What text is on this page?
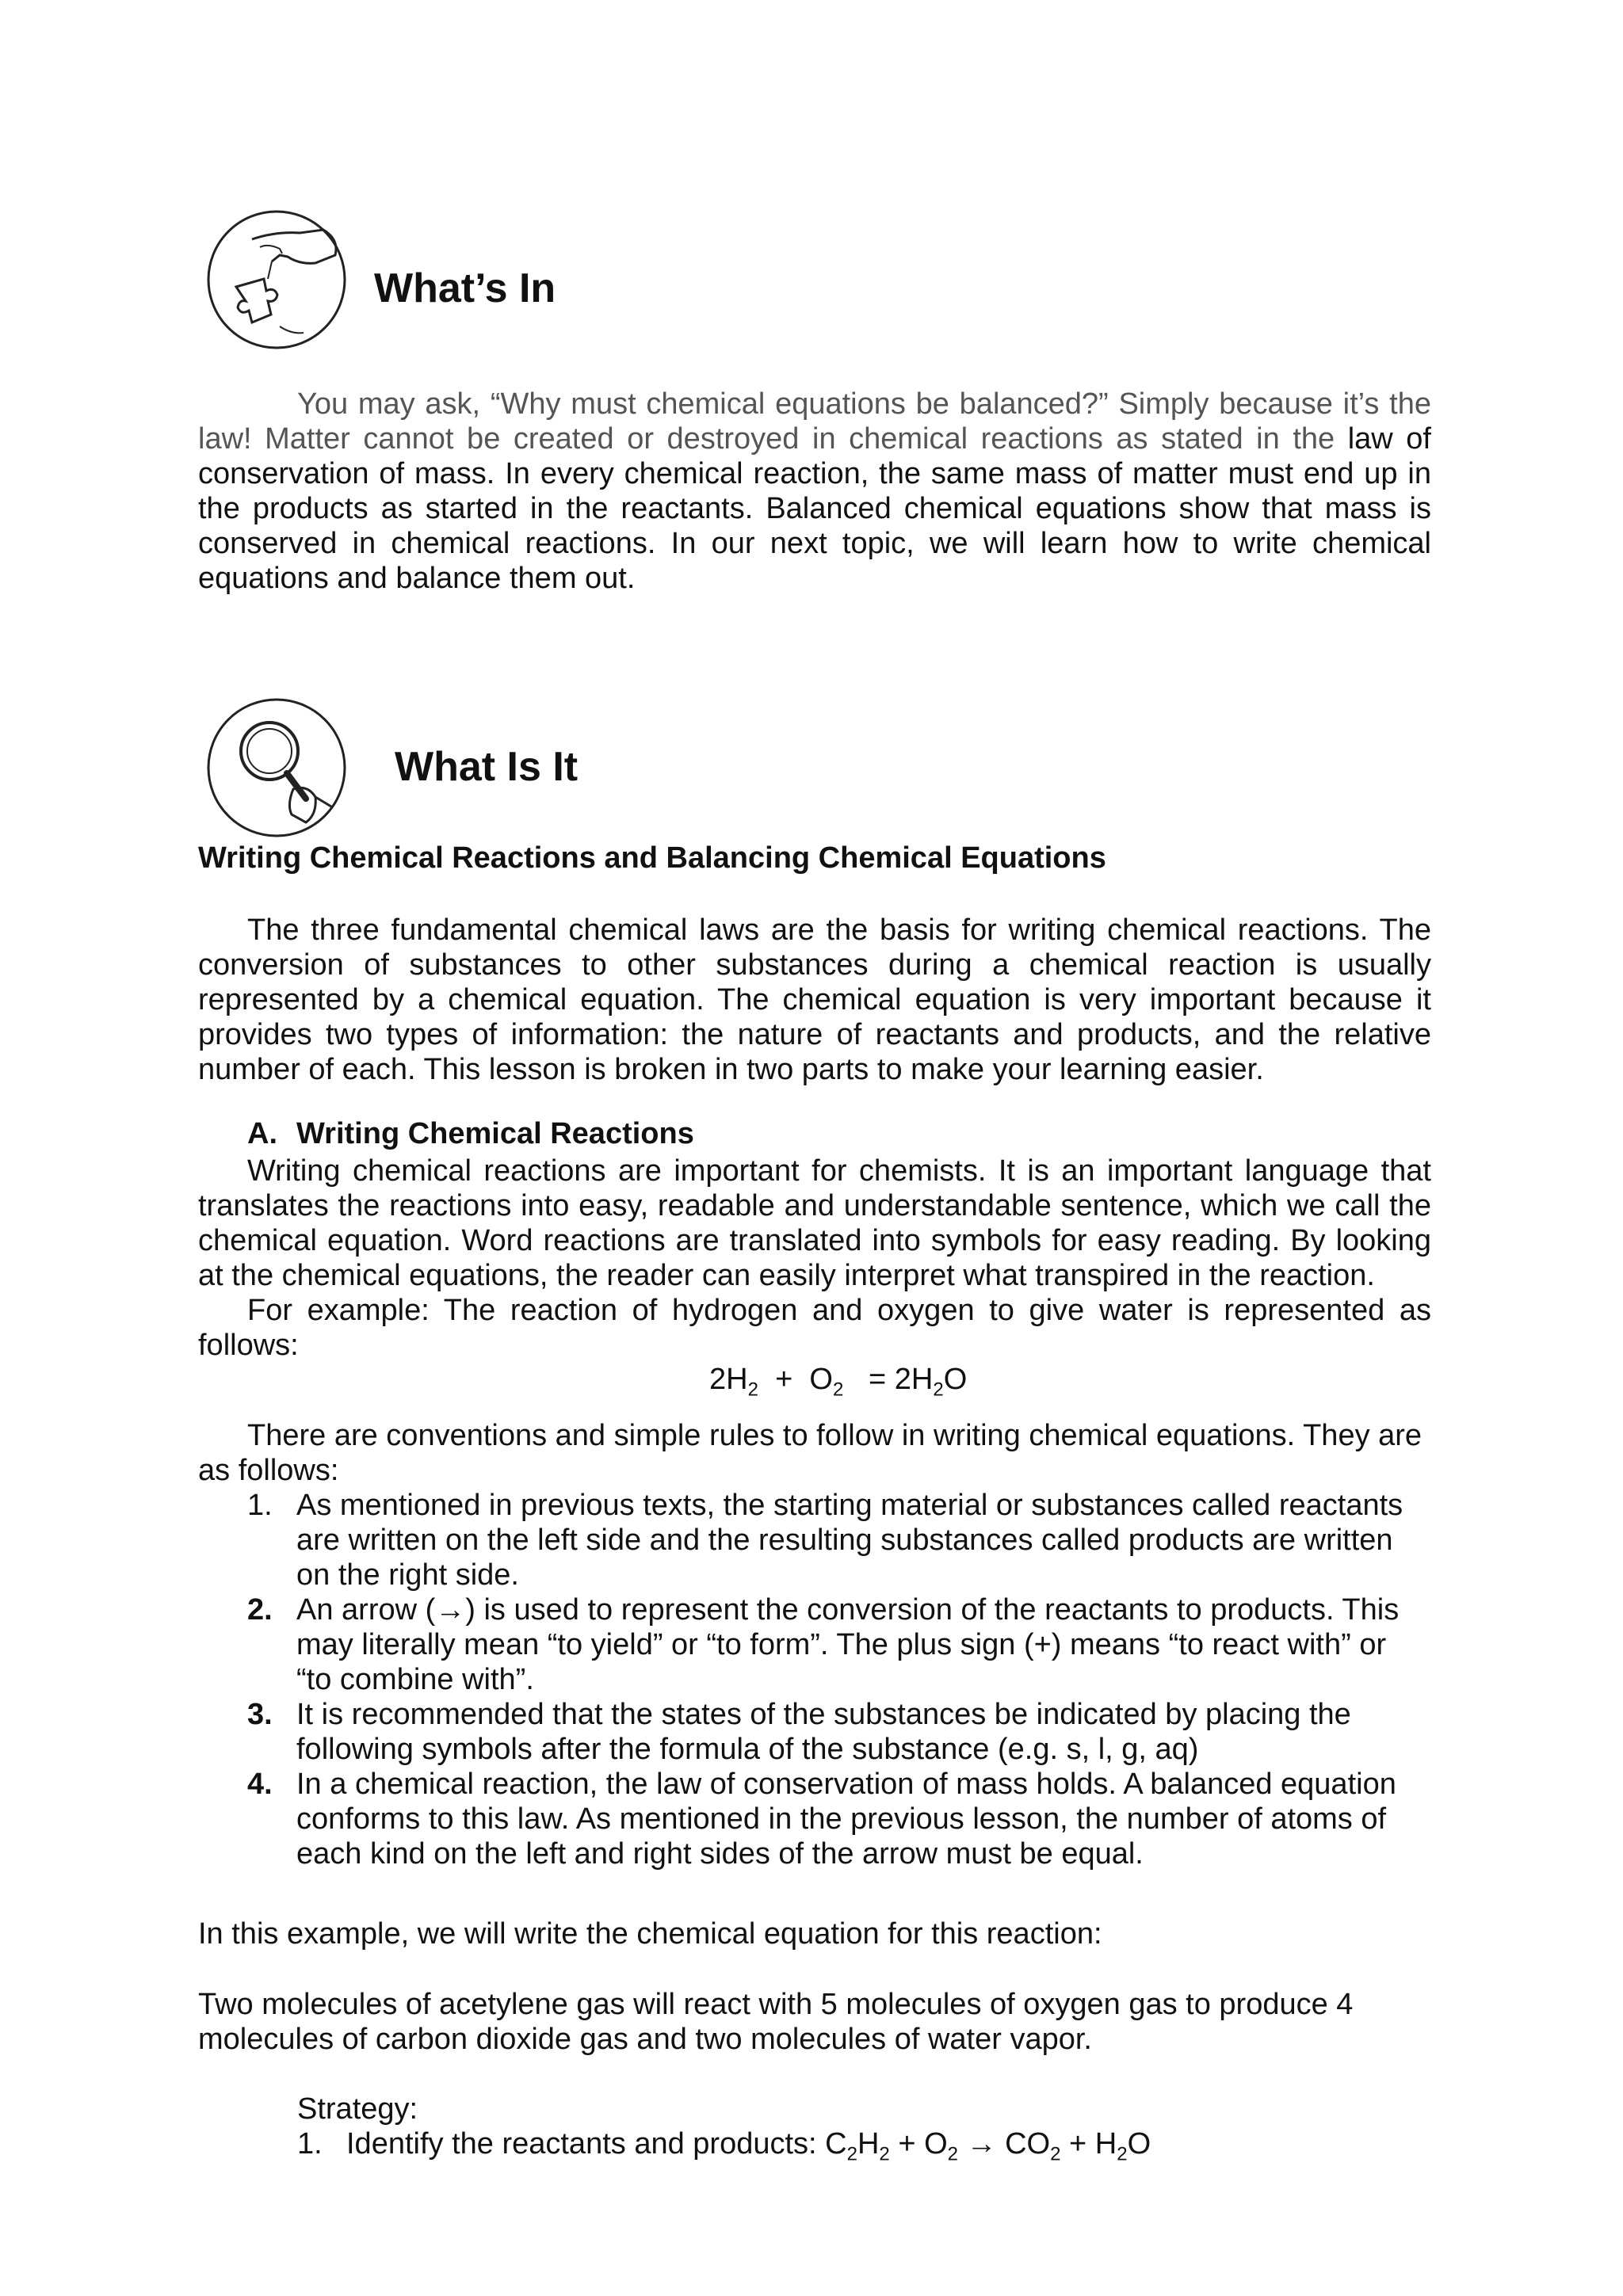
What’s In
You may ask, “Why must chemical equations be balanced?” Simply because it’s the law! Matter cannot be created or destroyed in chemical reactions as stated in the law of conservation of mass. In every chemical reaction, the same mass of matter must end up in the products as started in the reactants. Balanced chemical equations show that mass is conserved in chemical reactions. In our next topic, we will learn how to write chemical equations and balance them out.
What Is It
Writing Chemical Reactions and Balancing Chemical Equations
The three fundamental chemical laws are the basis for writing chemical reactions. The conversion of substances to other substances during a chemical reaction is usually represented by a chemical equation. The chemical equation is very important because it provides two types of information: the nature of reactants and products, and the relative number of each. This lesson is broken in two parts to make your learning easier.
A. Writing Chemical Reactions
Writing chemical reactions are important for chemists. It is an important language that translates the reactions into easy, readable and understandable sentence, which we call the chemical equation. Word reactions are translated into symbols for easy reading. By looking at the chemical equations, the reader can easily interpret what transpired in the reaction.
For example: The reaction of hydrogen and oxygen to give water is represented as follows:
$2H_2 + O_2 = 2H_2O$
There are conventions and simple rules to follow in writing chemical equations. They are as follows:
1. As mentioned in previous texts, the starting material or substances called reactants are written on the left side and the resulting substances called products are written on the right side.
2. An arrow (→) is used to represent the conversion of the reactants to products. This may literally mean “to yield” or “to form”. The plus sign (+) means “to react with” or “to combine with”.
3. It is recommended that the states of the substances be indicated by placing the following symbols after the formula of the substance (e.g. s, l, g, aq)
4. In a chemical reaction, the law of conservation of mass holds. A balanced equation conforms to this law. As mentioned in the previous lesson, the number of atoms of each kind on the left and right sides of the arrow must be equal.
In this example, we will write the chemical equation for this reaction:
Two molecules of acetylene gas will react with 5 molecules of oxygen gas to produce 4 molecules of carbon dioxide gas and two molecules of water vapor.
Strategy:
1. Identify the reactants and products: $C_2H_2 + O_2 \to CO_2 + H_2O$
